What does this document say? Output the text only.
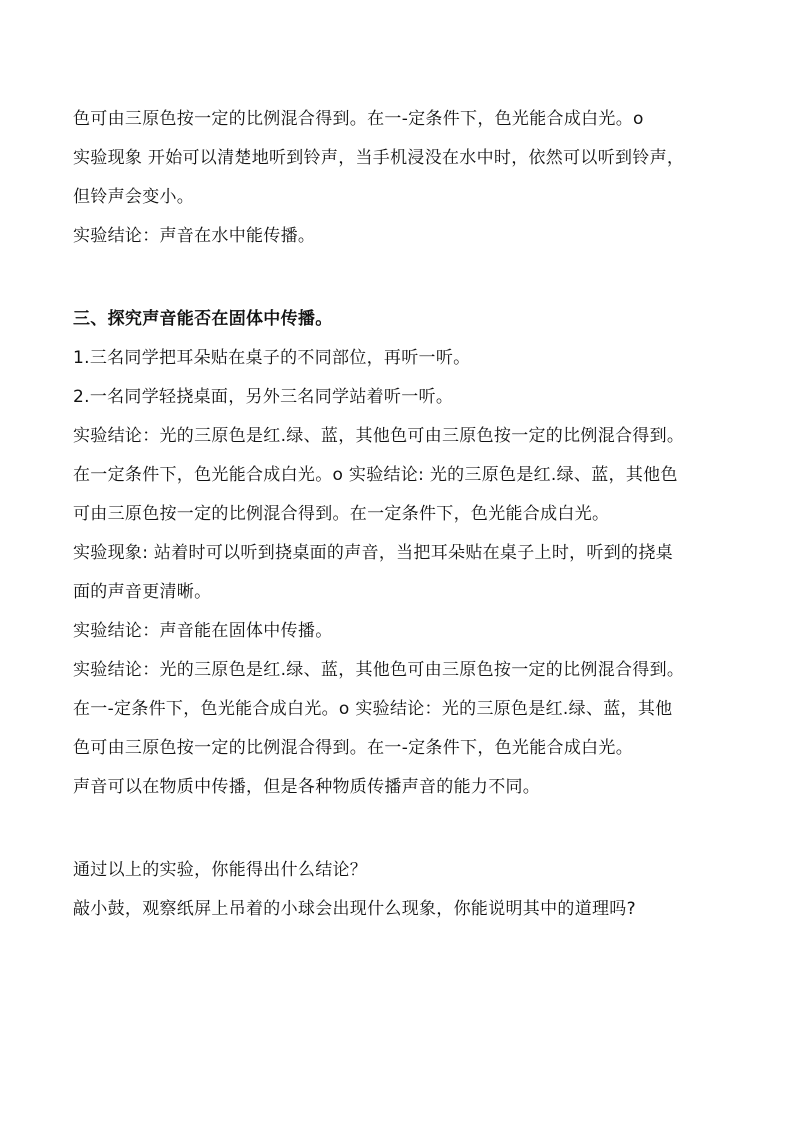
色可由三原色按一定的比例混合得到。在一-定条件下，色光能合成白光。o
实验现象 开始可以清楚地听到铃声，当手机浸没在水中时，依然可以听到铃声，
但铃声会变小。
实验结论：声音在水中能传播。
三、探究声音能否在固体中传播。
1.三名同学把耳朵贴在桌子的不同部位，再听一听。
2.一名同学轻挠桌面，另外三名同学站着听一听。
实验结论：光的三原色是红.绿、蓝，其他色可由三原色按一定的比例混合得到。
在一定条件下，色光能合成白光。o 实验结论: 光的三原色是红.绿、蓝，其他色
可由三原色按一定的比例混合得到。在一定条件下，色光能合成白光。
实验现象: 站着时可以听到挠桌面的声音，当把耳朵贴在桌子上时，听到的挠桌
面的声音更清晰。
实验结论：声音能在固体中传播。
实验结论：光的三原色是红.绿、蓝，其他色可由三原色按一定的比例混合得到。
在一-定条件下，色光能合成白光。o 实验结论：光的三原色是红.绿、蓝，其他
色可由三原色按一定的比例混合得到。在一-定条件下，色光能合成白光。
声音可以在物质中传播，但是各种物质传播声音的能力不同。
通过以上的实验，你能得出什么结论？
敲小鼓，观察纸屏上吊着的小球会出现什么现象，你能说明其中的道理吗?
